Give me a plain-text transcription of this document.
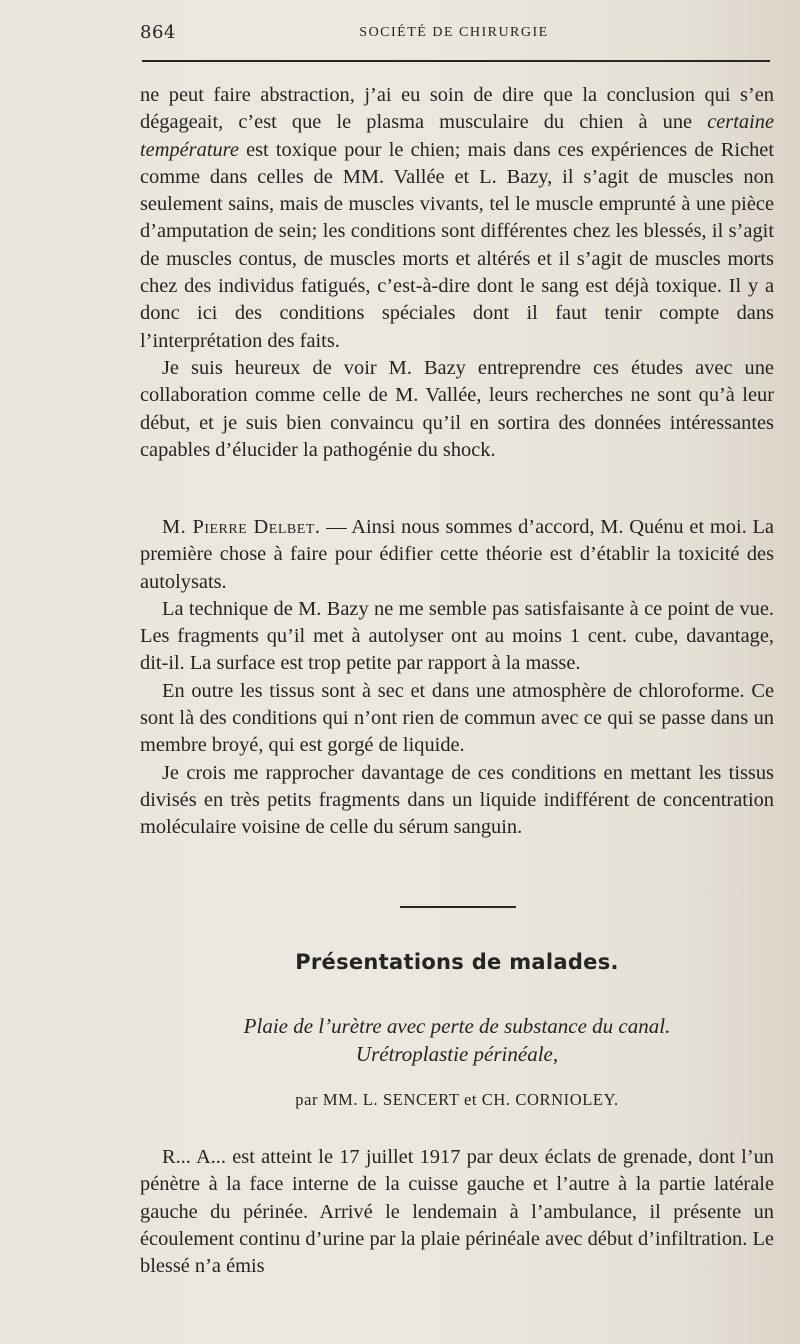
864	SOCIÉTÉ DE CHIRURGIE

ne peut faire abstraction, j’ai eu soin de dire que la conclusion qui s’en dégageait, c’est que le plasma musculaire du chien à une certaine température est toxique pour le chien; mais dans ces expériences de Richet comme dans celles de MM. Vallée et L. Bazy, il s’agit de muscles non seulement sains, mais de muscles vivants, tel le muscle emprunté à une pièce d’amputation de sein; les conditions sont différentes chez les blessés, il s’agit de muscles contus, de muscles morts et altérés et il s’agit de muscles morts chez des individus fatigués, c’est-à-dire dont le sang est déjà toxique. Il y a donc ici des conditions spéciales dont il faut tenir compte dans l’interprétation des faits.

Je suis heureux de voir M. Bazy entreprendre ces études avec une collaboration comme celle de M. Vallée, leurs recherches ne sont qu’à leur début, et je suis bien convaincu qu’il en sortira des données intéressantes capables d’élucider la pathogénie du shock.

M. Pierre Delbet. — Ainsi nous sommes d’accord, M. Quénu et moi. La première chose à faire pour édifier cette théorie est d’établir la toxicité des autolysats.

La technique de M. Bazy ne me semble pas satisfaisante à ce point de vue. Les fragments qu’il met à autolyser ont au moins 1 cent. cube, davantage, dit-il. La surface est trop petite par rapport à la masse.

En outre les tissus sont à sec et dans une atmosphère de chloroforme. Ce sont là des conditions qui n’ont rien de commun avec ce qui se passe dans un membre broyé, qui est gorgé de liquide.

Je crois me rapprocher davantage de ces conditions en mettant les tissus divisés en très petits fragments dans un liquide indifférent de concentration moléculaire voisine de celle du sérum sanguin.

Présentations de malades.
Plaie de l’urètre avec perte de substance du canal.
Urétroplastie périnéale,
par MM. L. SENCERT et CH. CORNIOLEY.

R... A... est atteint le 17 juillet 1917 par deux éclats de grenade, dont l’un pénètre à la face interne de la cuisse gauche et l’autre à la partie latérale gauche du périnée. Arrivé le lendemain à l’ambulance, il présente un écoulement continu d’urine par la plaie périnéale avec début d’infiltration. Le blessé n’a émis
